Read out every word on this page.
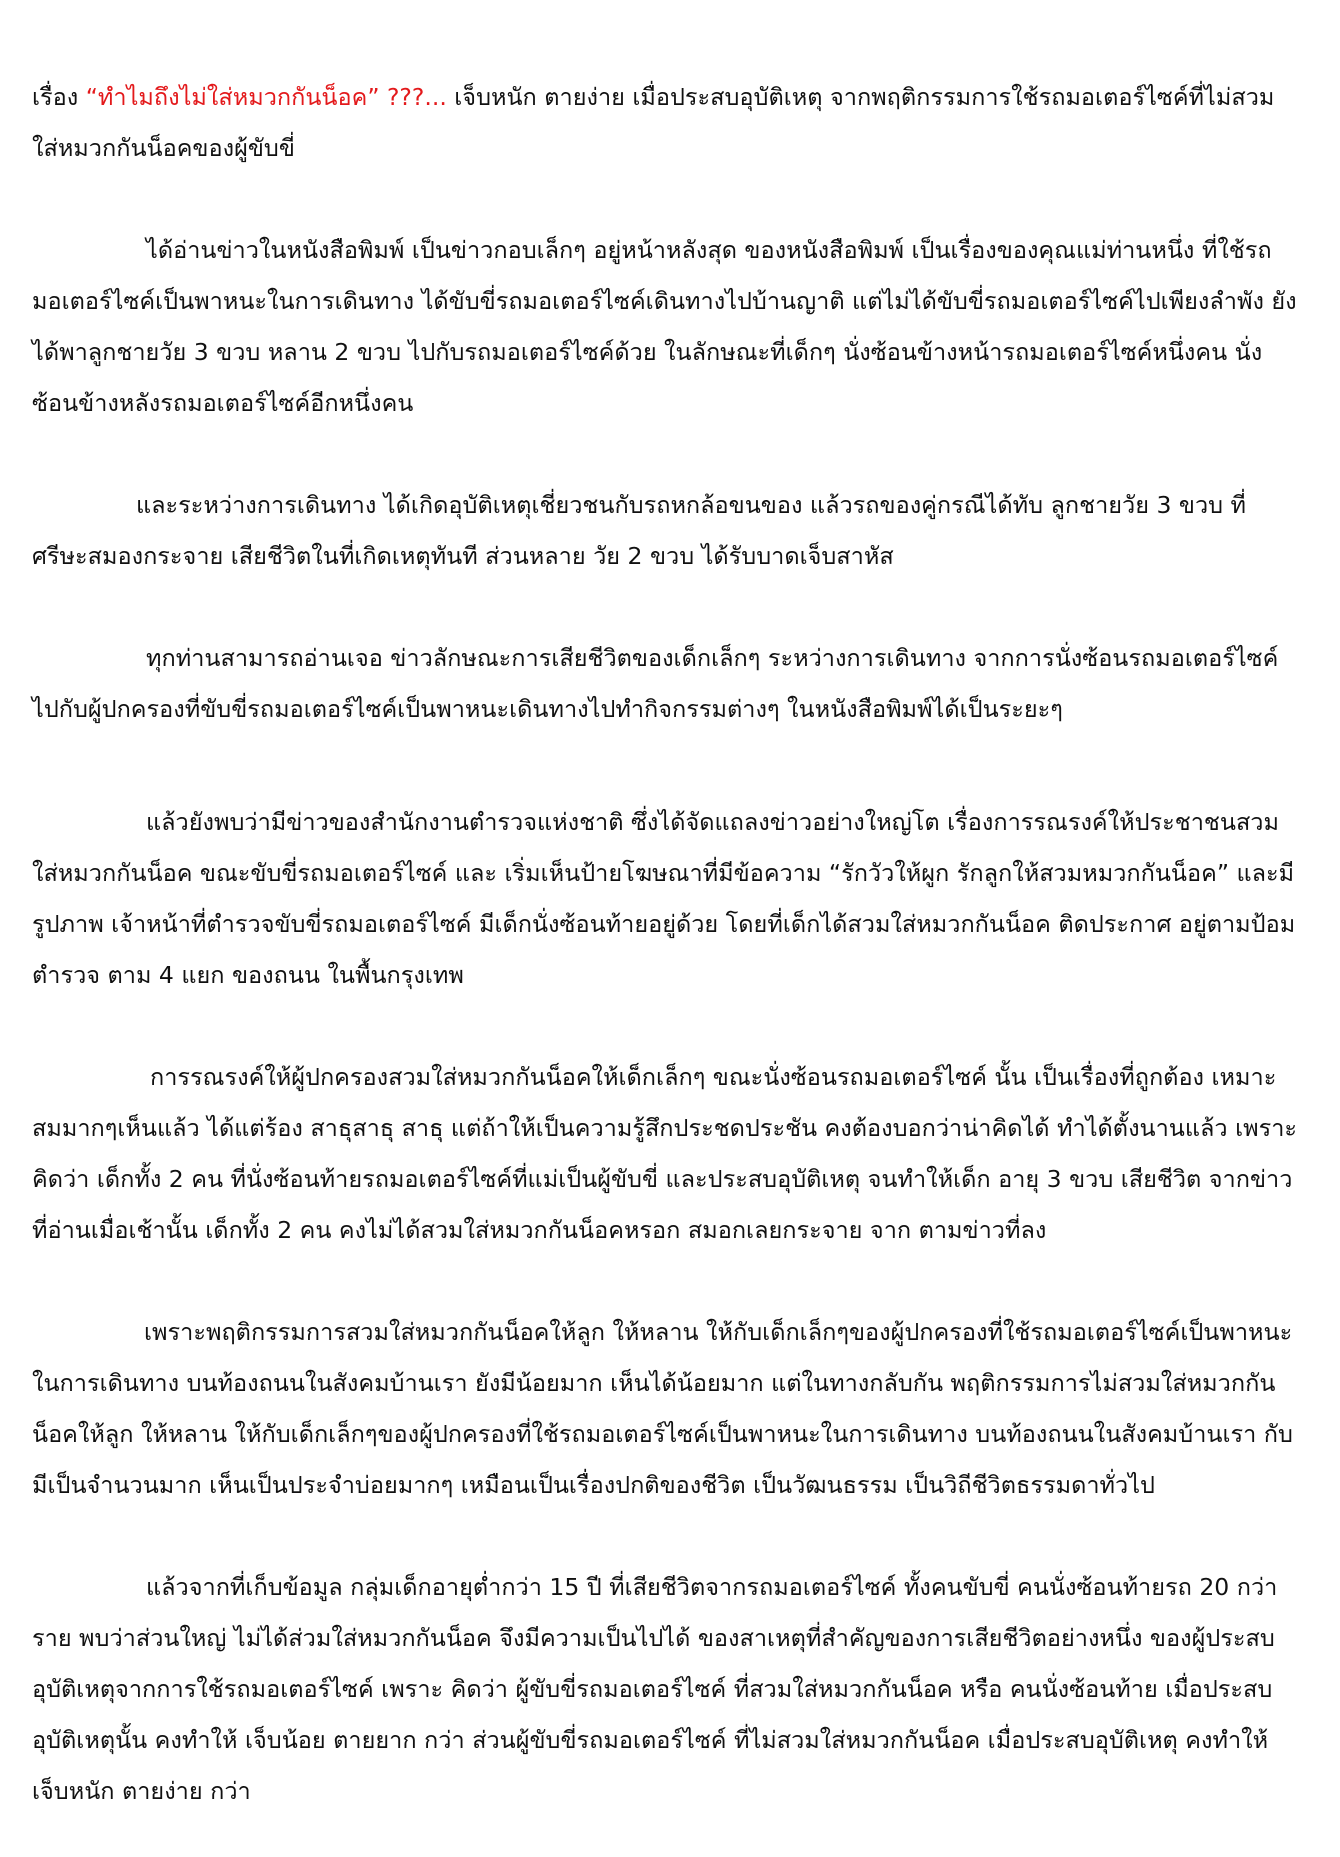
เรื่อง “ทำไมถึงไม่ใส่หมวกกันน็อค” ???... เจ็บหนัก ตายง่าย เมื่อประสบอุบัติเหตุ จากพฤติกรรมการใช้รถมอเตอร์ไซค์ที่ไม่สวมใส่หมวกกันน็อคของผู้ขับขี่

ได้อ่านข่าวในหนังสือพิมพ์ เป็นข่าวกอบเล็กๆ อยู่หน้าหลังสุด ของหนังสือพิมพ์ เป็นเรื่องของคุณแม่ท่านหนึ่ง ที่ใช้รถมอเตอร์ไซค์เป็นพาหนะในการเดินทาง ได้ขับขี่รถมอเตอร์ไซค์เดินทางไปบ้านญาติ แต่ไม่ได้ขับขี่รถมอเตอร์ไซค์ไปเพียงลำพัง ยังได้พาลูกชายวัย 3 ขวบ หลาน 2 ขวบ ไปกับรถมอเตอร์ไซค์ด้วย ในลักษณะที่เด็กๆ นั่งซ้อนข้างหน้ารถมอเตอร์ไซค์หนึ่งคน นั่งซ้อนข้างหลังรถมอเตอร์ไซค์อีกหนึ่งคน

และระหว่างการเดินทาง ได้เกิดอุบัติเหตุเชี่ยวชนกับรถหกล้อขนของ แล้วรถของคู่กรณีได้ทับ ลูกชายวัย 3 ขวบ ที่ ศรีษะสมองกระจาย เสียชีวิตในที่เกิดเหตุทันที ส่วนหลาย วัย 2 ขวบ ได้รับบาดเจ็บสาหัส

ทุกท่านสามารถอ่านเจอ ข่าวลักษณะการเสียชีวิตของเด็กเล็กๆ ระหว่างการเดินทาง จากการนั่งซ้อนรถมอเตอร์ไซค์ ไปกับผู้ปกครองที่ขับขี่รถมอเตอร์ไซค์เป็นพาหนะเดินทางไปทำกิจกรรมต่างๆ ในหนังสือพิมพ์ได้เป็นระยะๆ

แล้วยังพบว่ามีข่าวของสำนักงานตำรวจแห่งชาติ ซึ่งได้จัดแถลงข่าวอย่างใหญ่โต เรื่องการรณรงค์ให้ประชาชนสวมใส่หมวกกันน็อค ขณะขับขี่รถมอเตอร์ไซค์ และ เริ่มเห็นป้ายโฆษณาที่มีข้อความ “รักวัวให้ผูก รักลูกให้สวมหมวกกันน็อค” และมีรูปภาพ เจ้าหน้าที่ตำรวจขับขี่รถมอเตอร์ไซค์ มีเด็กนั่งซ้อนท้ายอยู่ด้วย โดยที่เด็กได้สวมใส่หมวกกันน็อค ติดประกาศ อยู่ตามป้อมตำรวจ ตาม 4 แยก ของถนน ในพื้นกรุงเทพ

การรณรงค์ให้ผู้ปกครองสวมใส่หมวกกันน็อคให้เด็กเล็กๆ ขณะนั่งซ้อนรถมอเตอร์ไซค์ นั้น เป็นเรื่องที่ถูกต้อง เหมาะสมมากๆเห็นแล้ว ได้แต่ร้อง สาธุสาธุ สาธุ แต่ถ้าให้เป็นความรู้สึกประชดประชัน คงต้องบอกว่าน่าคิดได้ ทำได้ตั้งนานแล้ว เพราะ คิดว่า เด็กทั้ง 2 คน ที่นั่งซ้อนท้ายรถมอเตอร์ไซค์ที่แม่เป็นผู้ขับขี่ และประสบอุบัติเหตุ จนทำให้เด็ก อายุ 3 ขวบ เสียชีวิต จากข่าวที่อ่านเมื่อเช้านั้น เด็กทั้ง 2 คน คงไม่ได้สวมใส่หมวกกันน็อคหรอก สมอกเลยกระจาย จาก ตามข่าวที่ลง

เพราะพฤติกรรมการสวมใส่หมวกกันน็อคให้ลูก ให้หลาน ให้กับเด็กเล็กๆของผู้ปกครองที่ใช้รถมอเตอร์ไซค์เป็นพาหนะในการเดินทาง บนท้องถนนในสังคมบ้านเรา ยังมีน้อยมาก เห็นได้น้อยมาก แต่ในทางกลับกัน พฤติกรรมการไม่สวมใส่หมวกกันน็อคให้ลูก ให้หลาน ให้กับเด็กเล็กๆของผู้ปกครองที่ใช้รถมอเตอร์ไซค์เป็นพาหนะในการเดินทาง บนท้องถนนในสังคมบ้านเรา กับมีเป็นจำนวนมาก เห็นเป็นประจำบ่อยมากๆ เหมือนเป็นเรื่องปกติของชีวิต เป็นวัฒนธรรม เป็นวิถีชีวิตธรรมดาทั่วไป

แล้วจากที่เก็บข้อมูล กลุ่มเด็กอายุต่ำกว่า 15 ปี ที่เสียชีวิตจากรถมอเตอร์ไซค์ ทั้งคนขับขี่ คนนั่งซ้อนท้ายรถ 20 กว่าราย พบว่าส่วนใหญ่ ไม่ได้ส่วมใส่หมวกกันน็อค จึงมีความเป็นไปได้ ของสาเหตุที่สำคัญของการเสียชีวิตอย่างหนึ่ง ของผู้ประสบอุบัติเหตุจากการใช้รถมอเตอร์ไซค์ เพราะ คิดว่า ผู้ขับขี่รถมอเตอร์ไซค์ ที่สวมใส่หมวกกันน็อค หรือ คนนั่งซ้อนท้าย เมื่อประสบอุบัติเหตุนั้น คงทำให้ เจ็บน้อย ตายยาก กว่า ส่วนผู้ขับขี่รถมอเตอร์ไซค์ ที่ไม่สวมใส่หมวกกันน็อค เมื่อประสบอุบัติเหตุ คงทำให้ เจ็บหนัก ตายง่าย กว่า
